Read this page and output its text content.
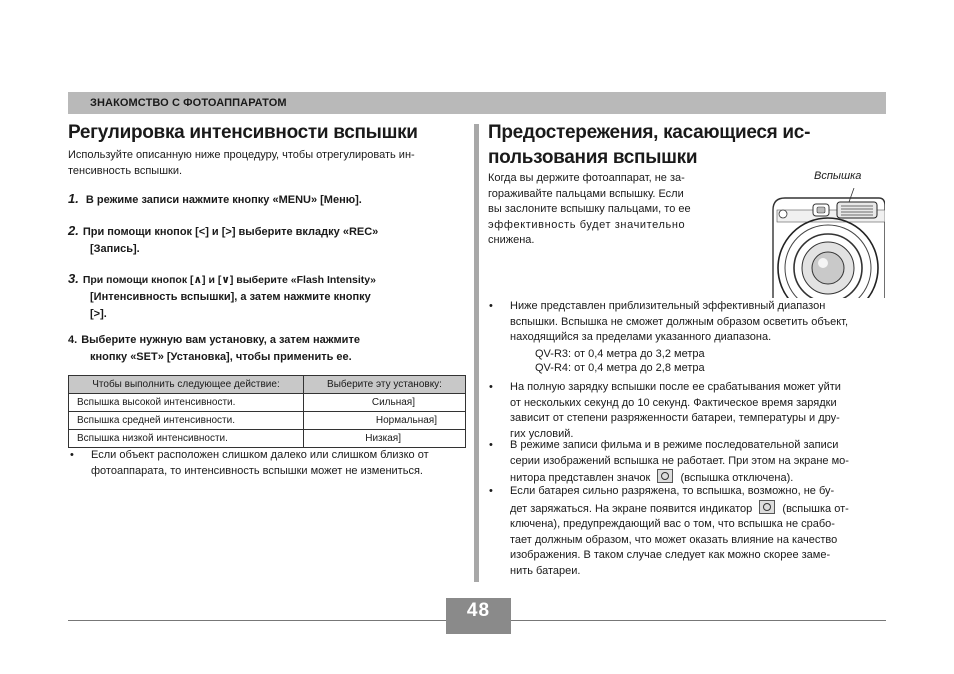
ЗНАКОМСТВО С ФОТОАППАРАТОМ
Регулировка интенсивности вспышки
Используйте описанную ниже процедуру, чтобы отрегулировать ин-
тенсивность вспышки.
1. В режиме записи нажмите кнопку «MENU» [Меню].
2. При помощи кнопок [<] и [>] выберите вкладку «REC»
[Запись].
3. При помощи кнопок [∧] и [∨] выберите «Flash Intensity»
[Интенсивность вспышки], а затем нажмите кнопку
[>].
4. Выберите нужную вам установку, а затем нажмите
кнопку «SET» [Установка], чтобы применить ее.
Чтобы выполнить следующее действие:	Выберите эту установку:
Вспышка высокой интенсивности.	Сильная]
Вспышка средней интенсивности.	Нормальная]
Вспышка низкой интенсивности.	Низкая]
• Если объект расположен слишком далеко или слишком близко от
фотоаппарата, то интенсивность вспышки может не измениться.
Предостережения, касающиеся ис-
пользования вспышки
Когда вы держите фотоаппарат, не за-
гораживайте пальцами вспышку. Если
вы заслоните вспышку пальцами, то ее
эффективность будет значительно
снижена.
Вспышка
• Ниже представлен приблизительный эффективный диапазон
вспышки. Вспышка не сможет должным образом осветить объект,
находящийся за пределами указанного диапазона.
QV-R3: от 0,4 метра до 3,2 метра
QV-R4: от 0,4 метра до 2,8 метра
• На полную зарядку вспышки после ее срабатывания может уйти
от нескольких секунд до 10 секунд. Фактическое время зарядки
зависит от степени разряженности батареи, температуры и дру-
гих условий.
• В режиме записи фильма и в режиме последовательной записи
серии изображений вспышка не работает. При этом на экране мо-
нитора представлен значок	(вспышка отключена).
• Если батарея сильно разряжена, то вспышка, возможно, не бу-
дет заряжаться. На экране появится индикатор	(вспышка от-
ключена), предупреждающий вас о том, что вспышка не срабо-
тает должным образом, что может оказать влияние на качество
изображения. В таком случае следует как можно скорее заме-
нить батареи.
48
